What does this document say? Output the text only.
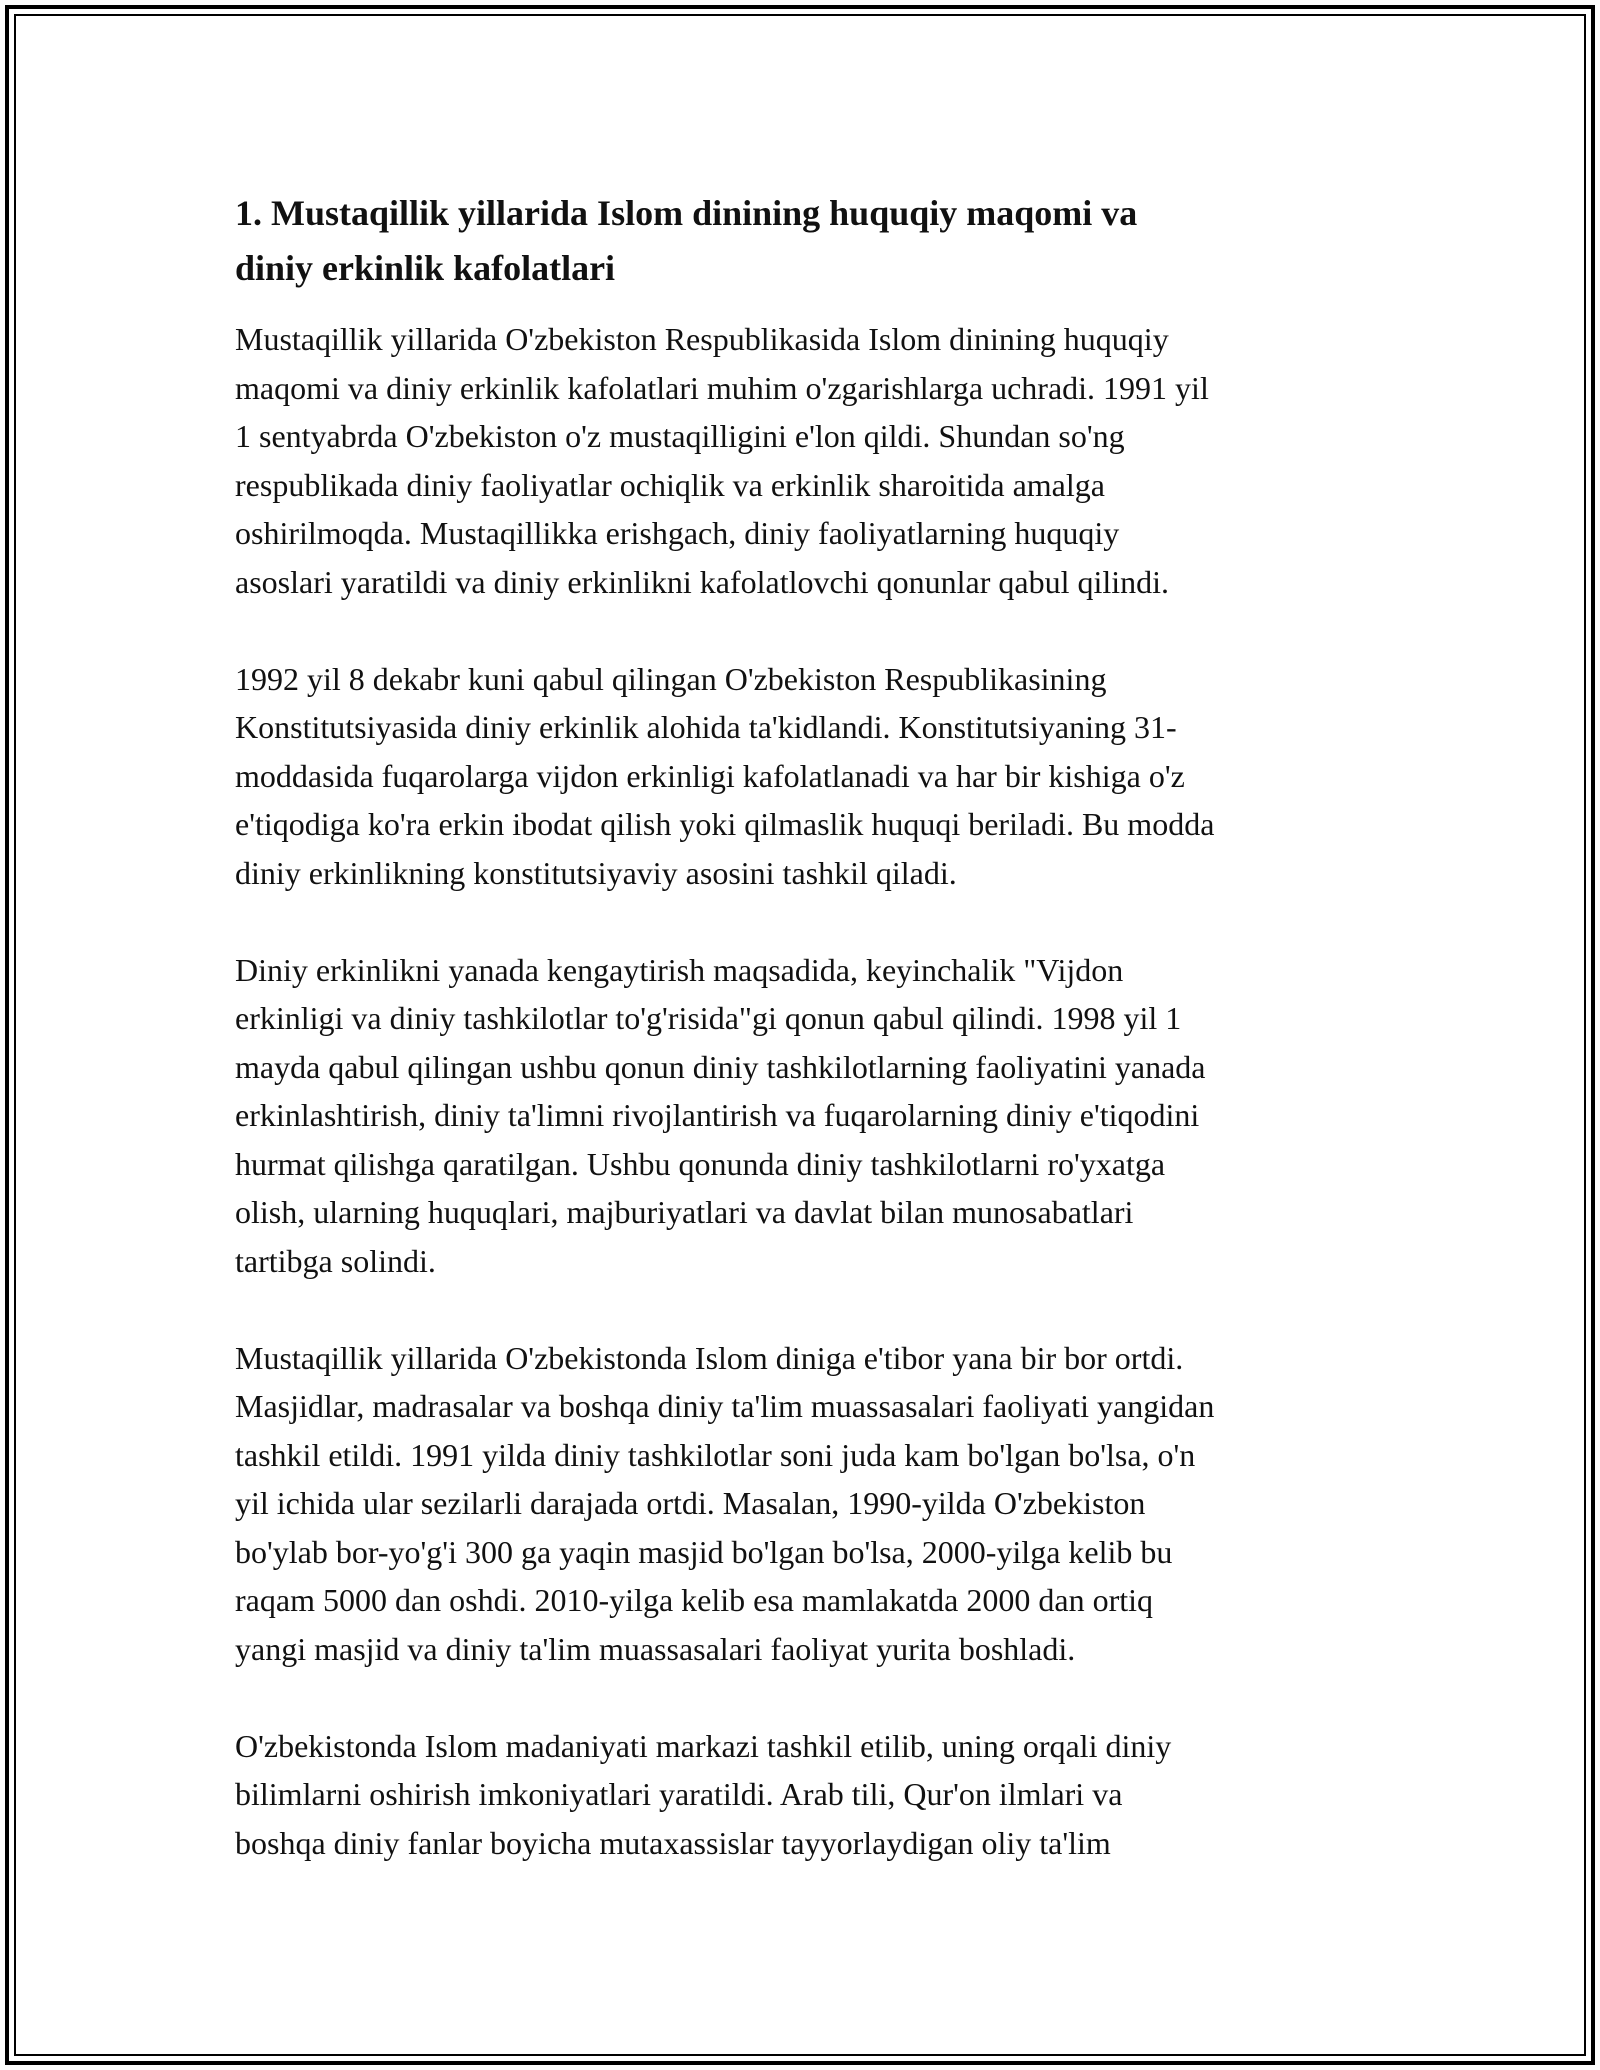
1. Mustaqillik yillarida Islom dinining huquqiy maqomi va
diniy erkinlik kafolatlari

Mustaqillik yillarida O'zbekiston Respublikasida Islom dinining huquqiy
maqomi va diniy erkinlik kafolatlari muhim o'zgarishlarga uchradi. 1991 yil
1 sentyabrda O'zbekiston o'z mustaqilligini e'lon qildi. Shundan so'ng
respublikada diniy faoliyatlar ochiqlik va erkinlik sharoitida amalga
oshirilmoqda. Mustaqillikka erishgach, diniy faoliyatlarning huquqiy
asoslari yaratildi va diniy erkinlikni kafolatlovchi qonunlar qabul qilindi.

1992 yil 8 dekabr kuni qabul qilingan O'zbekiston Respublikasining
Konstitutsiyasida diniy erkinlik alohida ta'kidlandi. Konstitutsiyaning 31-
moddasida fuqarolarga vijdon erkinligi kafolatlanadi va har bir kishiga o'z
e'tiqodiga ko'ra erkin ibodat qilish yoki qilmaslik huquqi beriladi. Bu modda
diniy erkinlikning konstitutsiyaviy asosini tashkil qiladi.

Diniy erkinlikni yanada kengaytirish maqsadida, keyinchalik "Vijdon
erkinligi va diniy tashkilotlar to'g'risida"gi qonun qabul qilindi. 1998 yil 1
mayda qabul qilingan ushbu qonun diniy tashkilotlarning faoliyatini yanada
erkinlashtirish, diniy ta'limni rivojlantirish va fuqarolarning diniy e'tiqodini
hurmat qilishga qaratilgan. Ushbu qonunda diniy tashkilotlarni ro'yxatga
olish, ularning huquqlari, majburiyatlari va davlat bilan munosabatlari
tartibga solindi.

Mustaqillik yillarida O'zbekistonda Islom diniga e'tibor yana bir bor ortdi.
Masjidlar, madrasalar va boshqa diniy ta'lim muassasalari faoliyati yangidan
tashkil etildi. 1991 yilda diniy tashkilotlar soni juda kam bo'lgan bo'lsa, o'n
yil ichida ular sezilarli darajada ortdi. Masalan, 1990-yilda O'zbekiston
bo'ylab bor-yo'g'i 300 ga yaqin masjid bo'lgan bo'lsa, 2000-yilga kelib bu
raqam 5000 dan oshdi. 2010-yilga kelib esa mamlakatda 2000 dan ortiq
yangi masjid va diniy ta'lim muassasalari faoliyat yurita boshladi.

O'zbekistonda Islom madaniyati markazi tashkil etilib, uning orqali diniy
bilimlarni oshirish imkoniyatlari yaratildi. Arab tili, Qur'on ilmlari va
boshqa diniy fanlar boyicha mutaxassislar tayyorlaydigan oliy ta'lim
